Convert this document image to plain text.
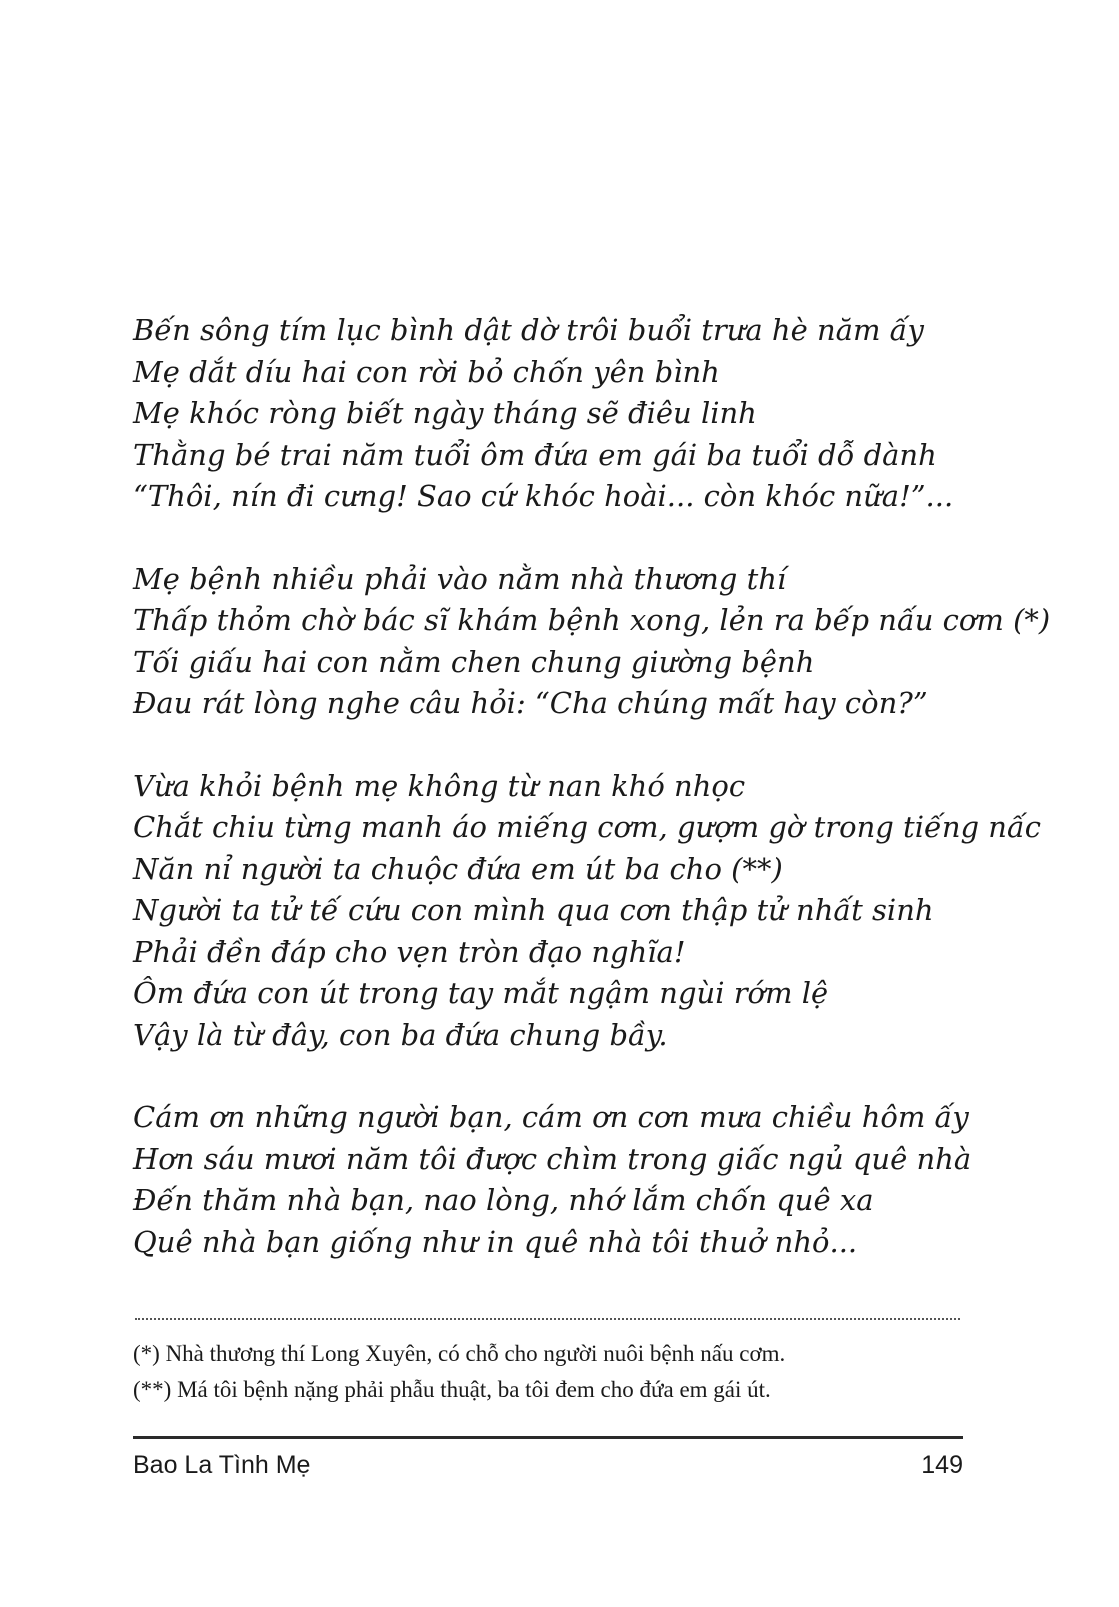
Bến sông tím lục bình dật dờ trôi buổi trưa hè năm ấy
Mẹ dắt díu hai con rời bỏ chốn yên bình
Mẹ khóc ròng biết ngày tháng sẽ điêu linh
Thằng bé trai năm tuổi ôm đứa em gái ba tuổi dỗ dành
“Thôi, nín đi cưng! Sao cứ khóc hoài... còn khóc nữa!”...
Mẹ bệnh nhiều phải vào nằm nhà thương thí
Thấp thỏm chờ bác sĩ khám bệnh xong, lẻn ra bếp nấu cơm (*)
Tối giấu hai con nằm chen chung giường bệnh
Đau rát lòng nghe câu hỏi: “Cha chúng mất hay còn?”
Vừa khỏi bệnh mẹ không từ nan khó nhọc
Chắt chiu từng manh áo miếng cơm, gượm gờ trong tiếng nấc
Năn nỉ người ta chuộc đứa em út ba cho (**)
Người ta tử tế cứu con mình qua cơn thập tử nhất sinh
Phải đền đáp cho vẹn tròn đạo nghĩa!
Ôm đứa con út trong tay mắt ngậm ngùi rớm lệ
Vậy là từ đây, con ba đứa chung bầy.
Cám ơn những người bạn, cám ơn cơn mưa chiều hôm ấy
Hơn sáu mươi năm tôi được chìm trong giấc ngủ quê nhà
Đến thăm nhà bạn, nao lòng, nhớ lắm chốn quê xa
Quê nhà bạn giống như in quê nhà tôi thuở nhỏ...
(*) Nhà thương thí Long Xuyên, có chỗ cho người nuôi bệnh nấu cơm.
(**) Má tôi bệnh nặng phải phẫu thuật, ba tôi đem cho đứa em gái út.
Bao La Tình Mẹ	149
